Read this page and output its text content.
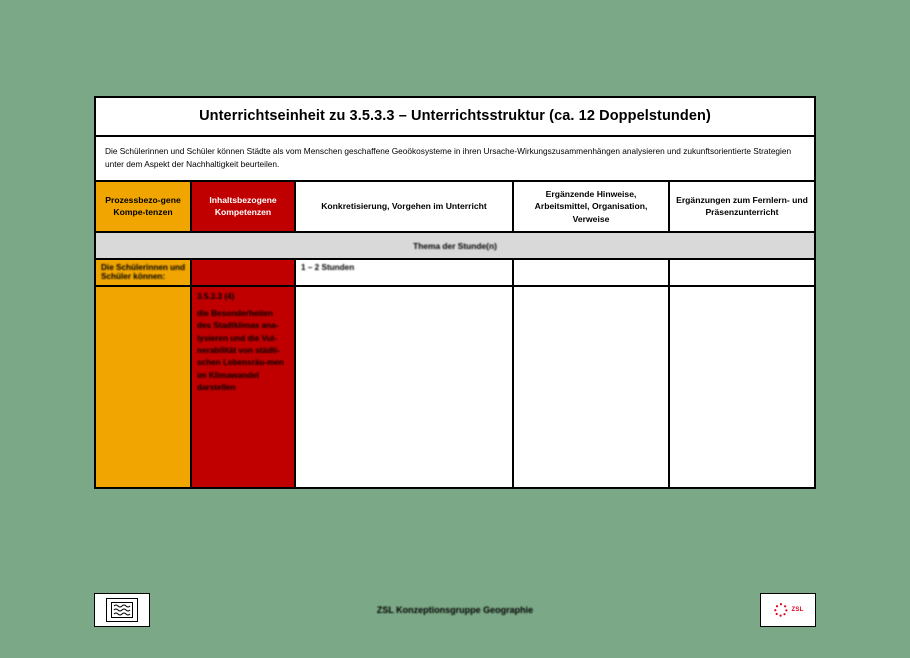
Unterrichtseinheit zu 3.5.3.3 – Unterrichtsstruktur (ca. 12 Doppelstunden)
Die Schülerinnen und Schüler können Städte als vom Menschen geschaffene Geoökosysteme in ihren Ursache-Wirkungszusammenhängen analysieren und zukunftsorientierte Strategien unter dem Aspekt der Nachhaltigkeit beurteilen.
Prozessbezo-gene Kompe-tenzen
Inhaltsbezogene Kompetenzen
Konkretisierung, Vorgehen im Unterricht
Ergänzende Hinweise, Arbeitsmittel, Organisation, Verweise
Ergänzungen zum Fernlern- und Präsenzunterricht
Thema der Stunde(n)
Die Schülerinnen und Schüler können:
1 – 2 Stunden
3.5.3.3 (4)
die Besonderheiten des Stadtklimas ana-lysieren und die Vul-nerabilität von städti-schen Lebensräu-men im Klimawandel darstellen
ZSL Konzeptionsgruppe Geographie	ZSL
